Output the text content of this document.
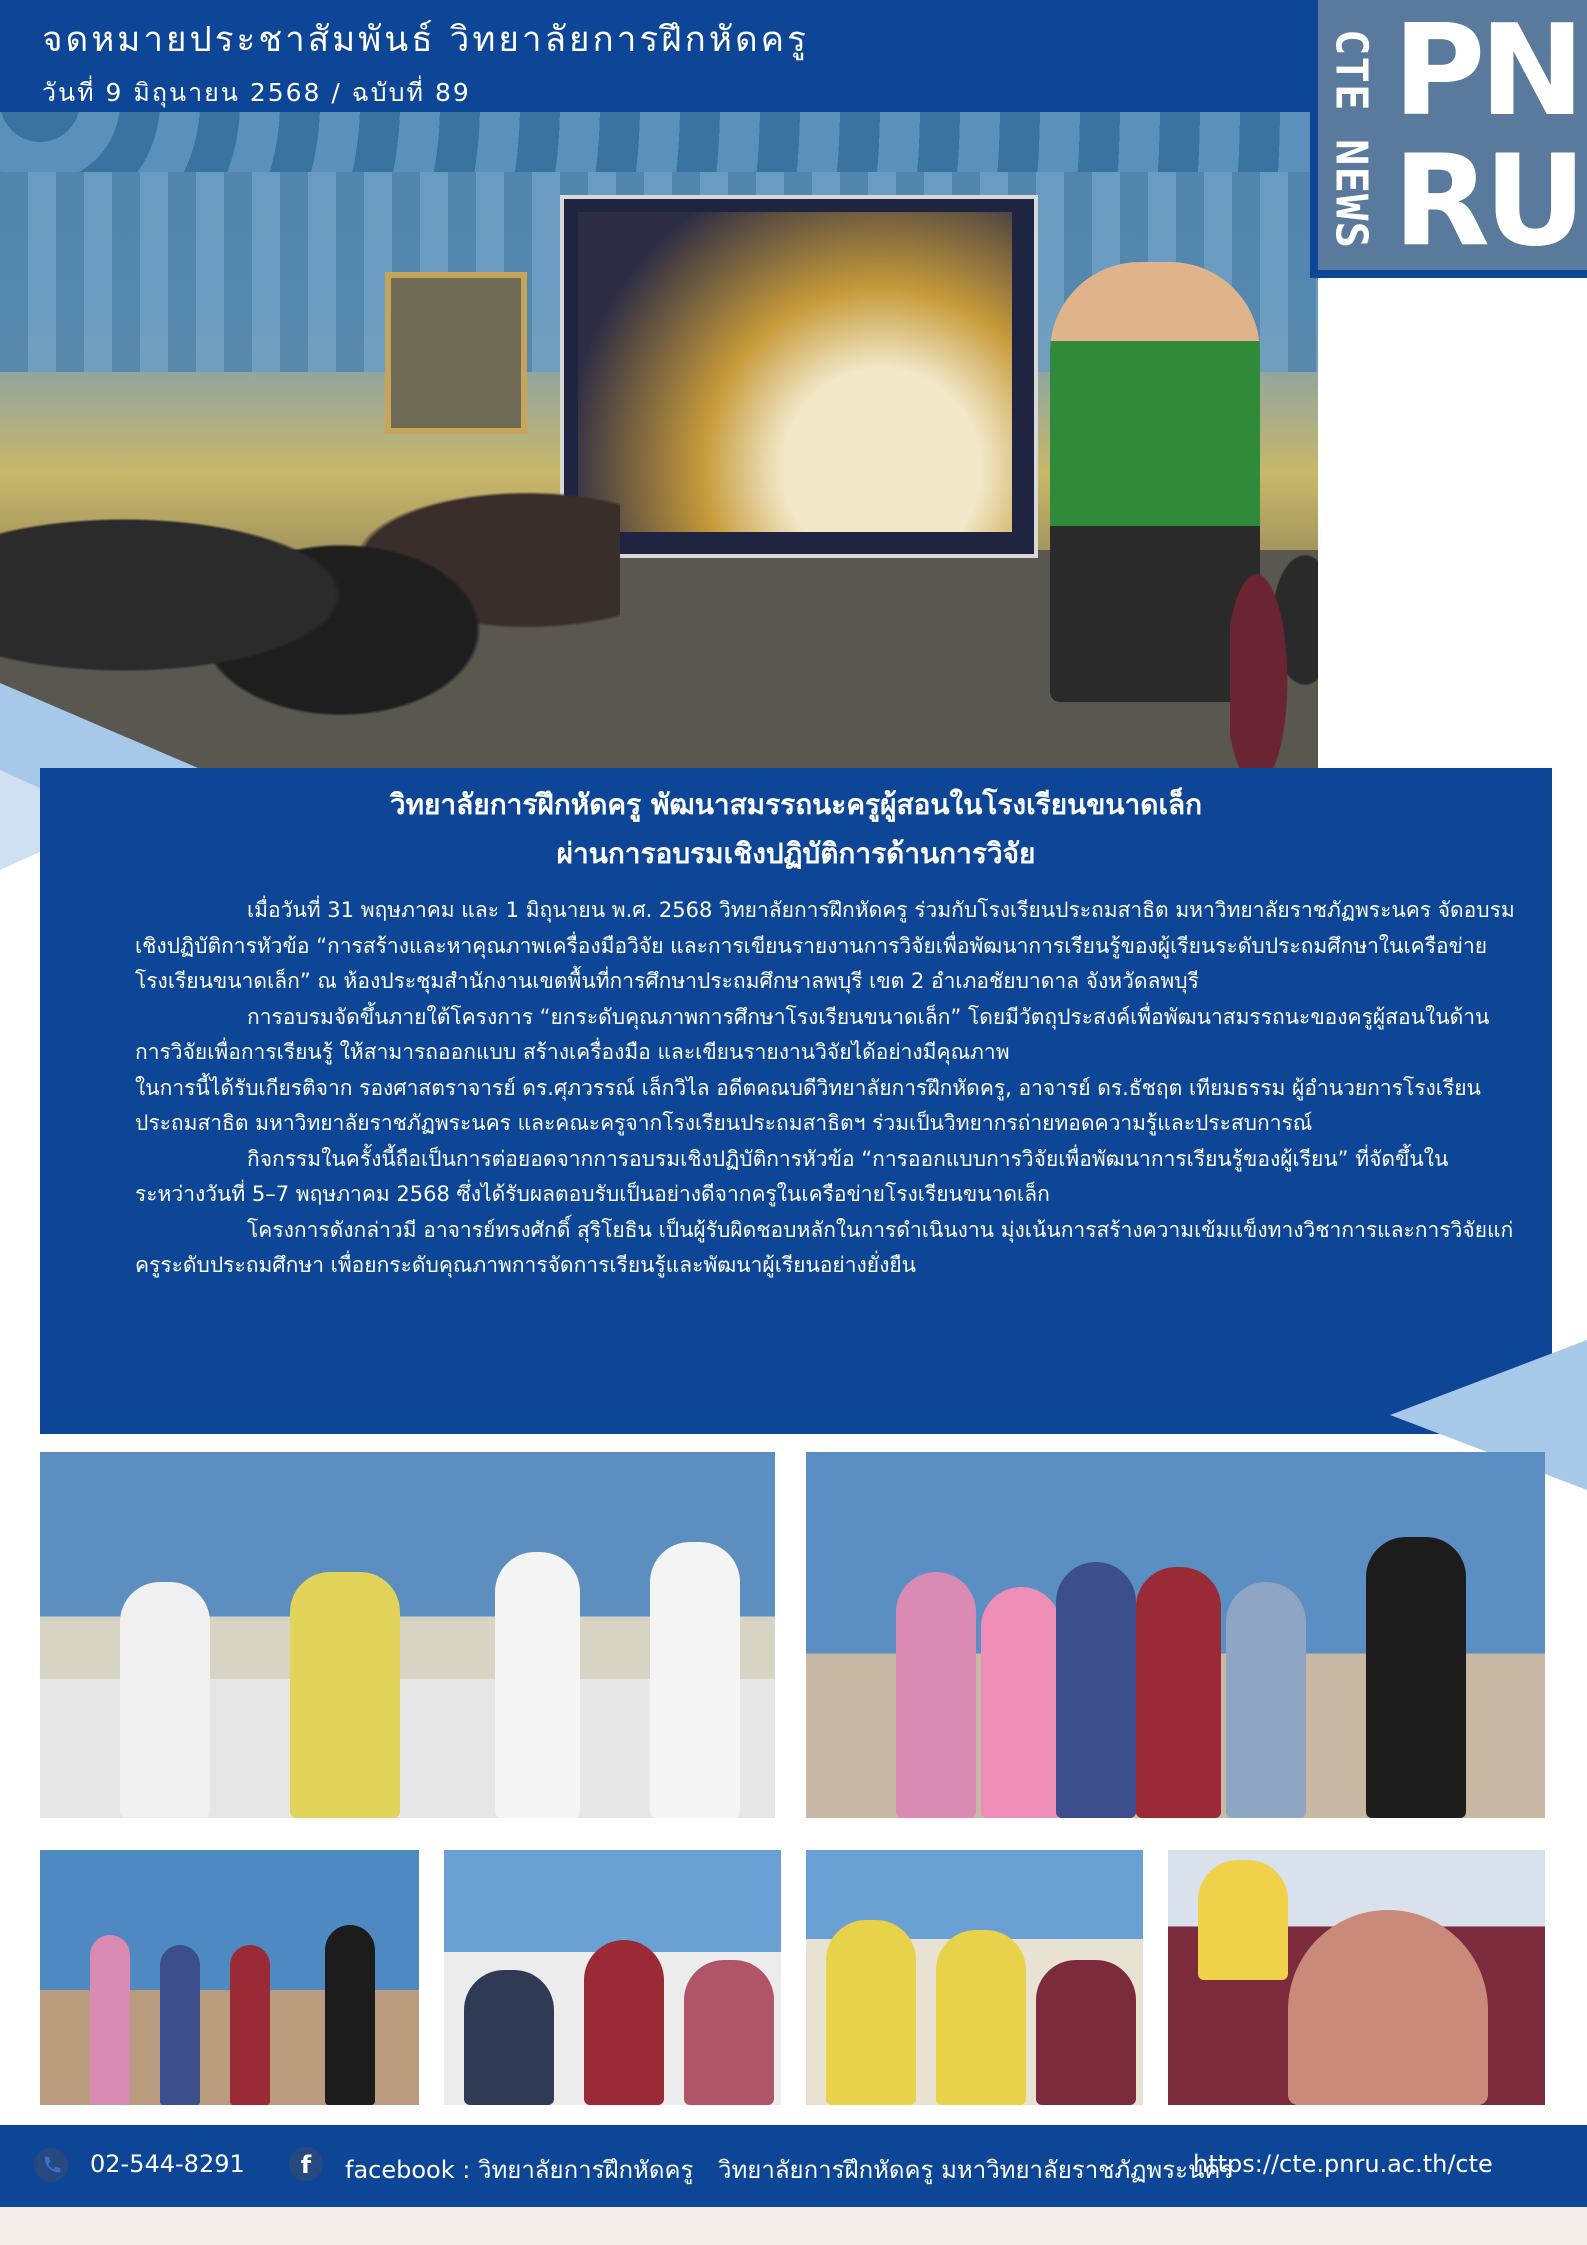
จดหมายประชาสัมพันธ์ วิทยาลัยการฝึกหัดครู
วันที่ 9 มิถุนายน 2568 / ฉบับที่ 89	CTE NEWS PN
RU
วิทยาลัยการฝึกหัดครู พัฒนาสมรรถนะครูผู้สอนในโรงเรียนขนาดเล็ก
ผ่านการอบรมเชิงปฏิบัติการด้านการวิจัย

เมื่อวันที่ 31 พฤษภาคม และ 1 มิถุนายน พ.ศ. 2568 วิทยาลัยการฝึกหัดครู ร่วมกับโรงเรียนประถมสาธิต มหาวิทยาลัยราชภัฏพระนคร จัดอบรมเชิงปฏิบัติการหัวข้อ “การสร้างและหาคุณภาพเครื่องมือวิจัย และการเขียนรายงานการวิจัยเพื่อพัฒนาการเรียนรู้ของผู้เรียนระดับประถมศึกษาในเครือข่ายโรงเรียนขนาดเล็ก” ณ ห้องประชุมสำนักงานเขตพื้นที่การศึกษาประถมศึกษาลพบุรี เขต 2 อำเภอชัยบาดาล จังหวัดลพบุรี

การอบรมจัดขึ้นภายใต้โครงการ “ยกระดับคุณภาพการศึกษาโรงเรียนขนาดเล็ก” โดยมีวัตถุประสงค์เพื่อพัฒนาสมรรถนะของครูผู้สอนในด้านการวิจัยเพื่อการเรียนรู้ ให้สามารถออกแบบ สร้างเครื่องมือ และเขียนรายงานวิจัยได้อย่างมีคุณภาพ

ในการนี้ได้รับเกียรติจาก รองศาสตราจารย์ ดร.ศุภวรรณ์ เล็กวิไล อดีตคณบดีวิทยาลัยการฝึกหัดครู, อาจารย์ ดร.ธัชฤต เทียมธรรม ผู้อำนวยการโรงเรียนประถมสาธิต มหาวิทยาลัยราชภัฏพระนคร และคณะครูจากโรงเรียนประถมสาธิตฯ ร่วมเป็นวิทยากรถ่ายทอดความรู้และประสบการณ์

กิจกรรมในครั้งนี้ถือเป็นการต่อยอดจากการอบรมเชิงปฏิบัติการหัวข้อ “การออกแบบการวิจัยเพื่อพัฒนาการเรียนรู้ของผู้เรียน” ที่จัดขึ้นในระหว่างวันที่ 5–7 พฤษภาคม 2568 ซึ่งได้รับผลตอบรับเป็นอย่างดีจากครูในเครือข่ายโรงเรียนขนาดเล็ก

โครงการดังกล่าวมี อาจารย์ทรงศักดิ์ สุริโยธิน เป็นผู้รับผิดชอบหลักในการดำเนินงาน มุ่งเน้นการสร้างความเข้มแข็งทางวิชาการและการวิจัยแก่ครูระดับประถมศึกษา เพื่อยกระดับคุณภาพการจัดการเรียนรู้และพัฒนาผู้เรียนอย่างยั่งยืน

02-544-8291	f	facebook : วิทยาลัยการฝึกหัดครู วิทยาลัยการฝึกหัดครู มหาวิทยาลัยราชภัฏพระนคร
https://cte.pnru.ac.th/cte
